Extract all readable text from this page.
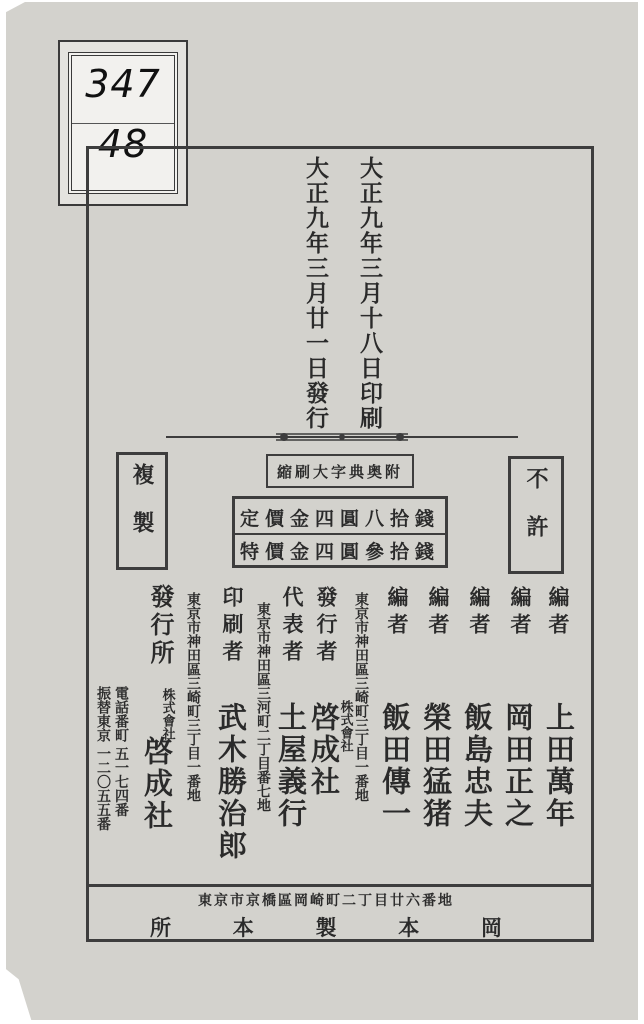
347
48
大正九年三月十八日印刷
大正九年三月廿一日發行
複製	不許
縮刷大字典奥附
定價金四圓八拾錢
特價金四圓參拾錢
編者
上田萬年
編者
岡田正之
編者
飯島忠夫
編者
榮田猛猪
編者
飯田傳一
東京市神田區三崎町三丁目一番地
發行者
株式會社
啓成社
東京市神田區三河町二丁目番七地 代表者
土屋義行
東京市神田區三崎町三丁目一番地 印刷者
武木勝治郎
發行所
株式會社
啓成社
電話番町 五一七四番
振替東京 一二〇五五番
東京市京橋區岡崎町二丁目廿六番地
所	本	製	本	岡
